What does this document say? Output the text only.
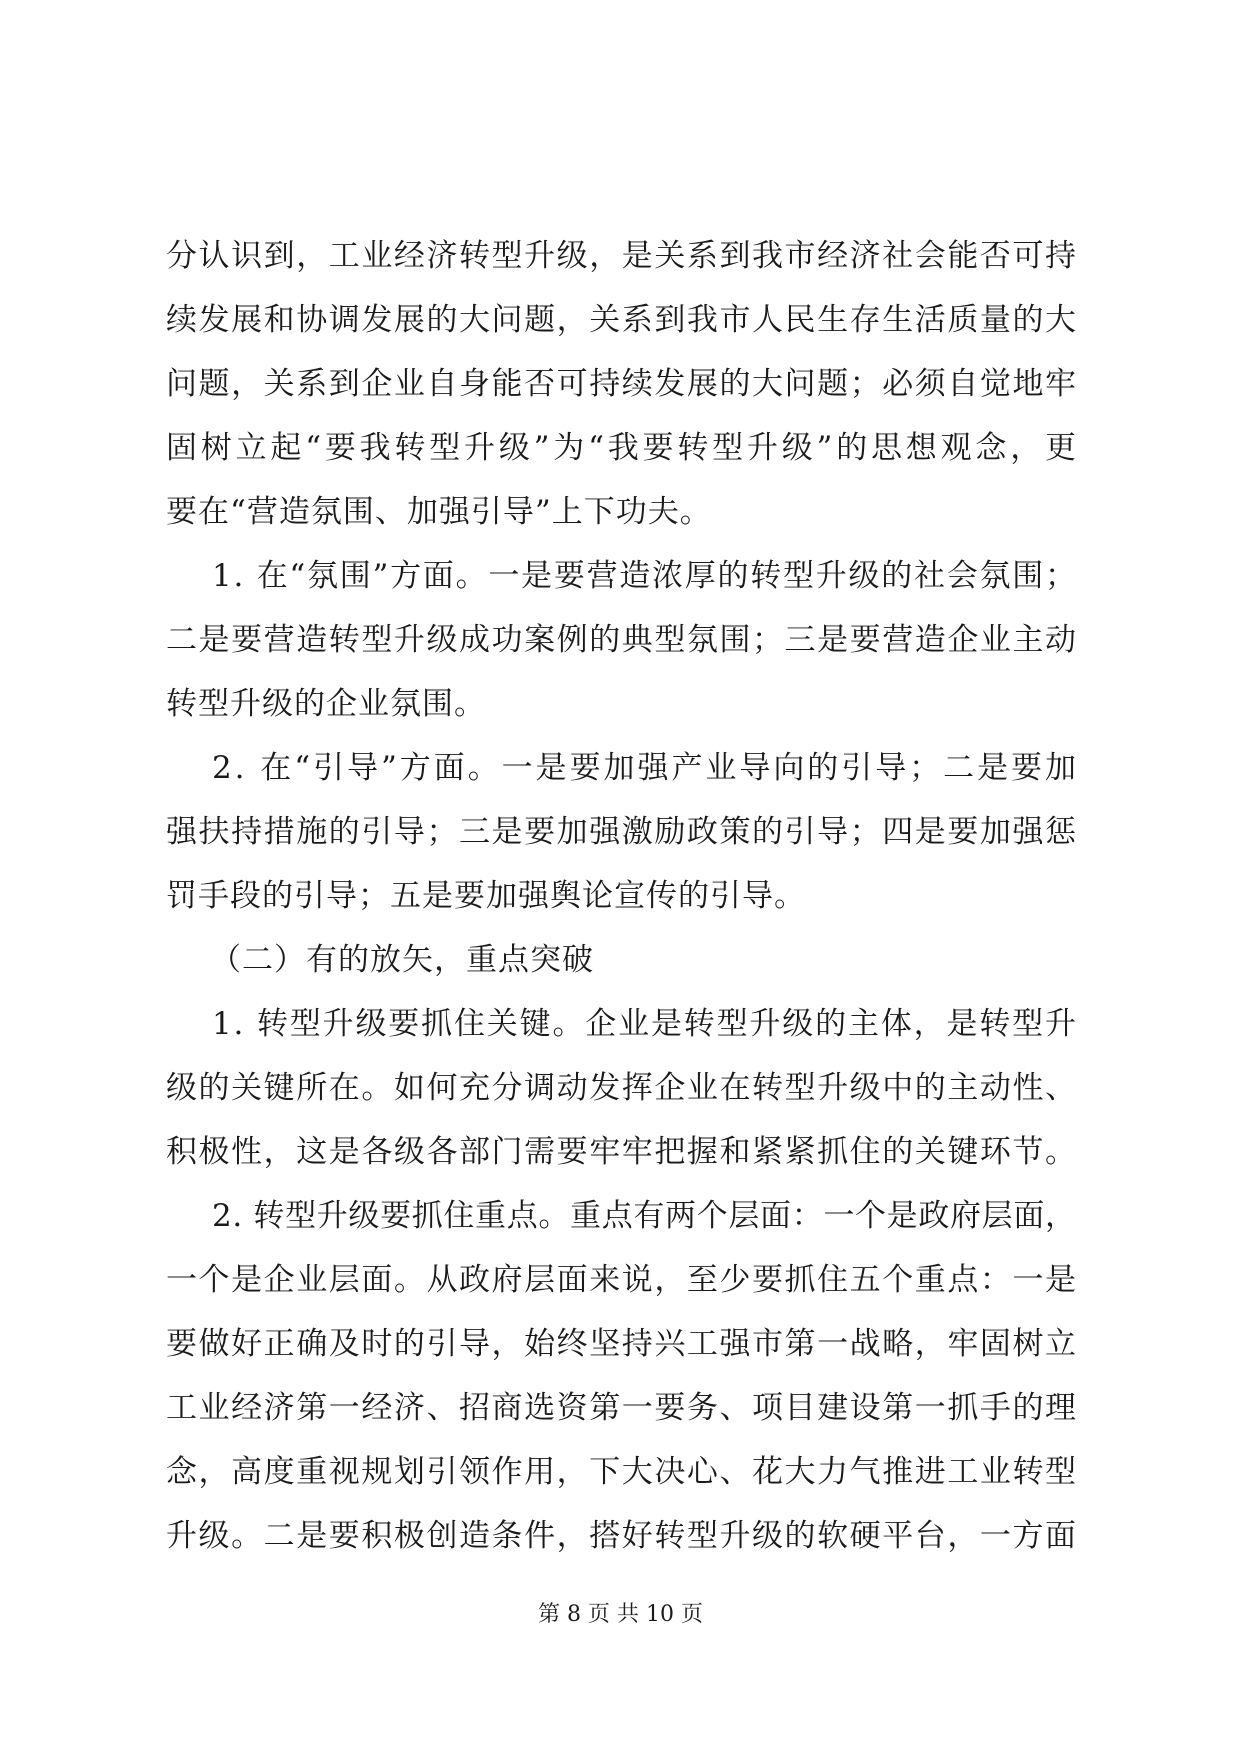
分认识到，工业经济转型升级，是关系到我市经济社会能否可持
续发展和协调发展的大问题，关系到我市人民生存生活质量的大
问题，关系到企业自身能否可持续发展的大问题；必须自觉地牢
固树立起“要我转型升级”为“我要转型升级”的思想观念，更
要在“营造氛围、加强引导”上下功夫。
1. 在“氛围”方面。一是要营造浓厚的转型升级的社会氛围；
二是要营造转型升级成功案例的典型氛围；三是要营造企业主动
转型升级的企业氛围。
2. 在“引导”方面。一是要加强产业导向的引导；二是要加
强扶持措施的引导；三是要加强激励政策的引导；四是要加强惩
罚手段的引导；五是要加强舆论宣传的引导。
（二）有的放矢，重点突破
1. 转型升级要抓住关键。企业是转型升级的主体，是转型升
级的关键所在。如何充分调动发挥企业在转型升级中的主动性、
积极性，这是各级各部门需要牢牢把握和紧紧抓住的关键环节。
2. 转型升级要抓住重点。重点有两个层面：一个是政府层面，
一个是企业层面。从政府层面来说，至少要抓住五个重点：一是
要做好正确及时的引导，始终坚持兴工强市第一战略，牢固树立
工业经济第一经济、招商选资第一要务、项目建设第一抓手的理
念，高度重视规划引领作用，下大决心、花大力气推进工业转型
升级。二是要积极创造条件，搭好转型升级的软硬平台，一方面
第 8 页 共 10 页
